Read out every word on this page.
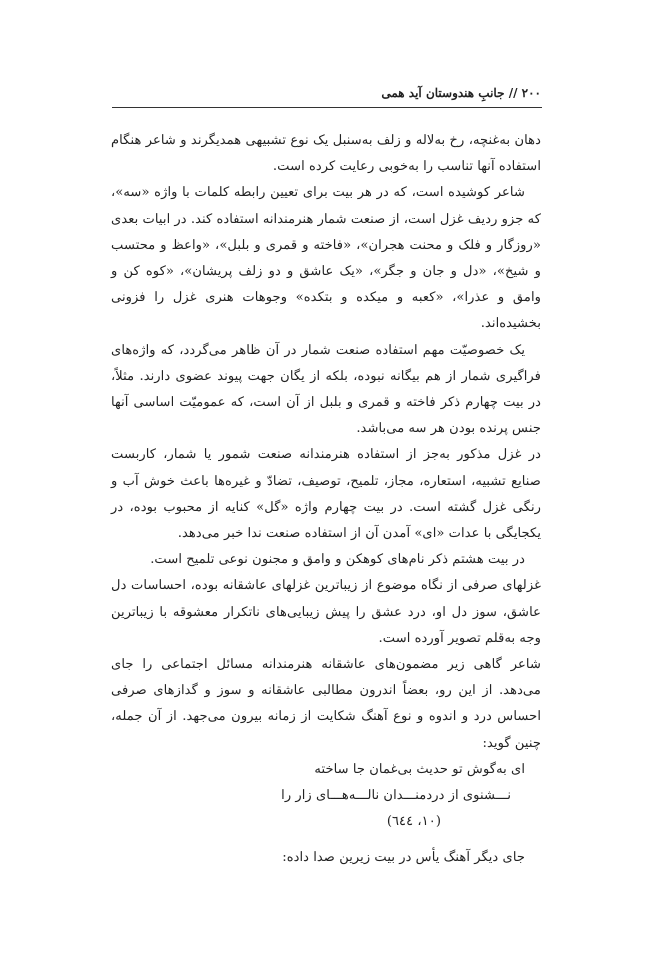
۲۰۰ // جانبِ هندوستان آید همی

دهان به‌غنچه، رخ به‌لاله و زلف به‌سنبل یک نوع تشبیهی همدیگرند و شاعر هنگام استفاده آنها تناسب را به‌خوبی رعایت کرده است.

شاعر کوشیده است، که در هر بیت برای تعیین رابطه کلمات با واژه «سه»، که جزو ردیف غزل است، از صنعت شمار هنرمندانه استفاده کند. در ابیات بعدی «روزگار و فلک و محنت هجران»، «فاخته و قمری و بلبل»، «واعظ و محتسب و شیخ»، «دل و جان و جگر»، «یک عاشق و دو زلف پریشان»، «کوه کن و وامق و عذرا»، «کعبه و میکده و بتکده» وجوهات هنری غزل را فزونی بخشیده‌اند.

یک خصوصیّت مهم استفاده صنعت شمار در آن ظاهر می‌گردد، که واژه‌های فراگیری شمار از هم بیگانه نبوده، بلکه از یگان جهت پیوند عضوی دارند. مثلاً، در بیت چهارم ذکر فاخته و قمری و بلبل از آن است، که عمومیّت اساسی آنها جنس پرنده بودن هر سه می‌باشد.

در غزل مذکور به‌جز از استفاده هنرمندانه صنعت شمور یا شمار، کاربست صنایع تشبیه، استعاره، مجاز، تلمیح، توصیف، تضادّ و غیره‌ها باعث خوش آب و رنگی غزل گشته است. در بیت چهارم واژه «گل» کنایه از محبوب بوده، در یکجایگی با عدات «ای» آمدن آن از استفاده صنعت ندا خبر می‌دهد.

در بیت هشتم ذکر نام‌های کوهکن و وامق و مجنون نوعی تلمیح است.

غزلهای صرفی از نگاه موضوع از زیباترین غزلهای عاشقانه بوده، احساسات دل عاشق، سوز دل او، درد عشق را پیش زیبایی‌های ناتکرار معشوقه با زیباترین وجه به‌قلم تصویر آورده است.

شاعر گاهی زیر مضمون‌های عاشقانه هنرمندانه مسائل اجتماعی را جای می‌دهد. از این رو، بعضاً اندرون مطالبی عاشقانه و سوز و گدازهای صرفی احساس درد و اندوه و نوع آهنگ شکایت از زمانه بیرون می‌جهد. از آن جمله، چنین گوید:

ای به‌گوش تو حدیث بی‌غمان جا ساخته

نـــشنوی از دردمنـــدان نالـــه‌هـــای زار را

(۱۰، ٦٤٤)

جای دیگر آهنگ یأس در بیت زیرین صدا داده:
